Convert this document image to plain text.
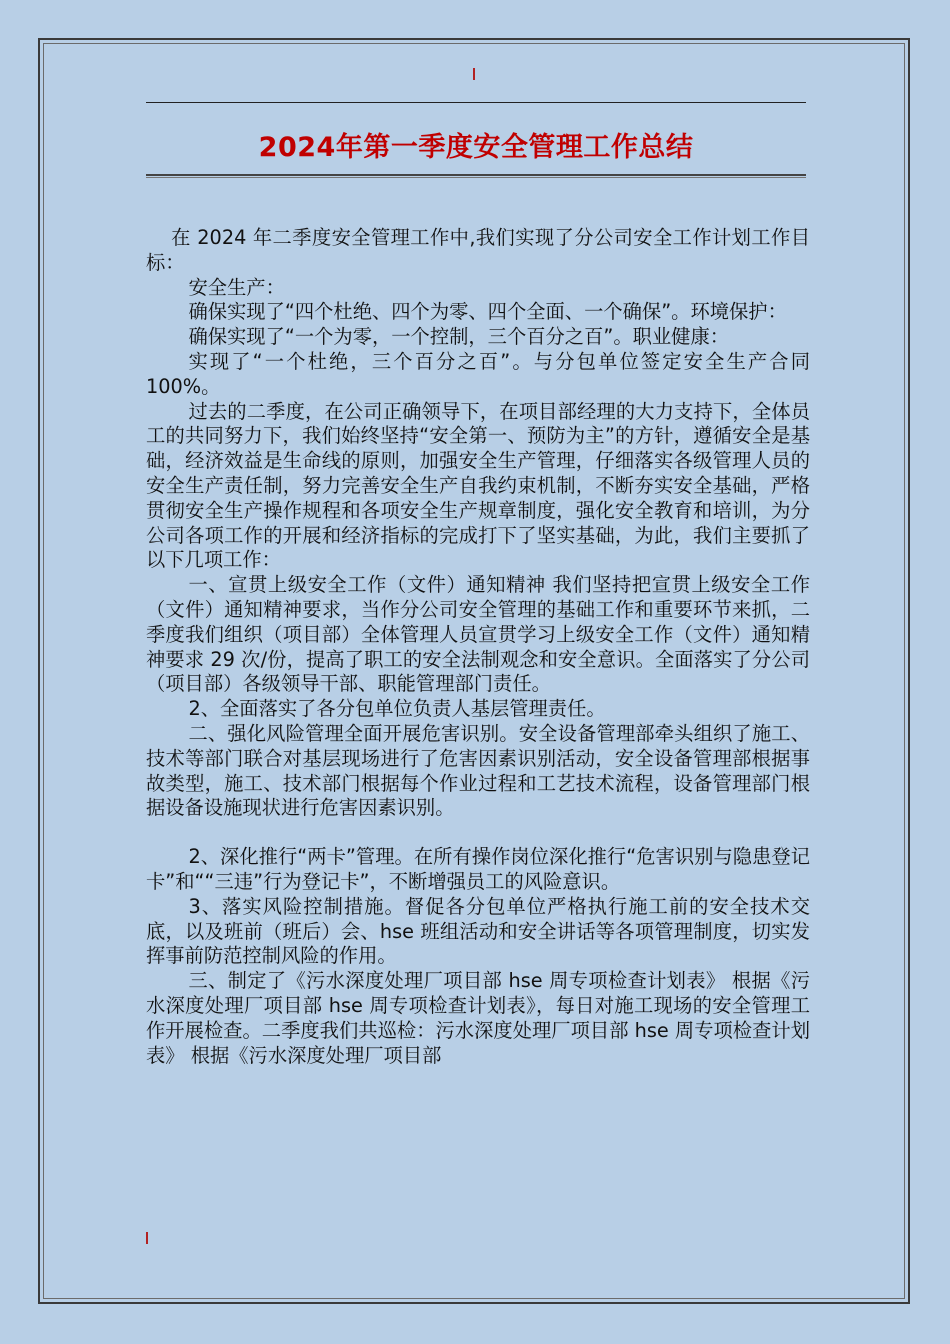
2024年第一季度安全管理工作总结

在 2024 年二季度安全管理工作中,我们实现了分公司安全工作计划工作目标：

安全生产：

确保实现了“四个杜绝、四个为零、四个全面、一个确保”。环境保护：

确保实现了“一个为零，一个控制，三个百分之百”。职业健康：

实现了“一个杜绝，三个百分之百”。与分包单位签定安全生产合同 100%。

过去的二季度，在公司正确领导下，在项目部经理的大力支持下，全体员工的共同努力下，我们始终坚持“安全第一、预防为主”的方针，遵循安全是基础，经济效益是生命线的原则，加强安全生产管理，仔细落实各级管理人员的安全生产责任制，努力完善安全生产自我约束机制，不断夯实安全基础，严格贯彻安全生产操作规程和各项安全生产规章制度，强化安全教育和培训，为分公司各项工作的开展和经济指标的完成打下了坚实基础，为此，我们主要抓了以下几项工作：

一、宣贯上级安全工作（文件）通知精神 我们坚持把宣贯上级安全工作（文件）通知精神要求，当作分公司安全管理的基础工作和重要环节来抓，二季度我们组织（项目部）全体管理人员宣贯学习上级安全工作（文件）通知精神要求 29 次/份，提高了职工的安全法制观念和安全意识。全面落实了分公司（项目部）各级领导干部、职能管理部门责任。

2、全面落实了各分包单位负责人基层管理责任。

二、强化风险管理全面开展危害识别。安全设备管理部牵头组织了施工、技术等部门联合对基层现场进行了危害因素识别活动，安全设备管理部根据事故类型，施工、技术部门根据每个作业过程和工艺技术流程，设备管理部门根据设备设施现状进行危害因素识别。

2、深化推行“两卡”管理。在所有操作岗位深化推行“危害识别与隐患登记卡”和““三违”行为登记卡”，不断增强员工的风险意识。

3、落实风险控制措施。督促各分包单位严格执行施工前的安全技术交底，以及班前（班后）会、hse 班组活动和安全讲话等各项管理制度，切实发挥事前防范控制风险的作用。

三、制定了《污水深度处理厂项目部 hse 周专项检查计划表》 根据《污水深度处理厂项目部 hse 周专项检查计划表》，每日对施工现场的安全管理工作开展检查。二季度我们共巡检：污水深度处理厂项目部 hse 周专项检查计划表》 根据《污水深度处理厂项目部
